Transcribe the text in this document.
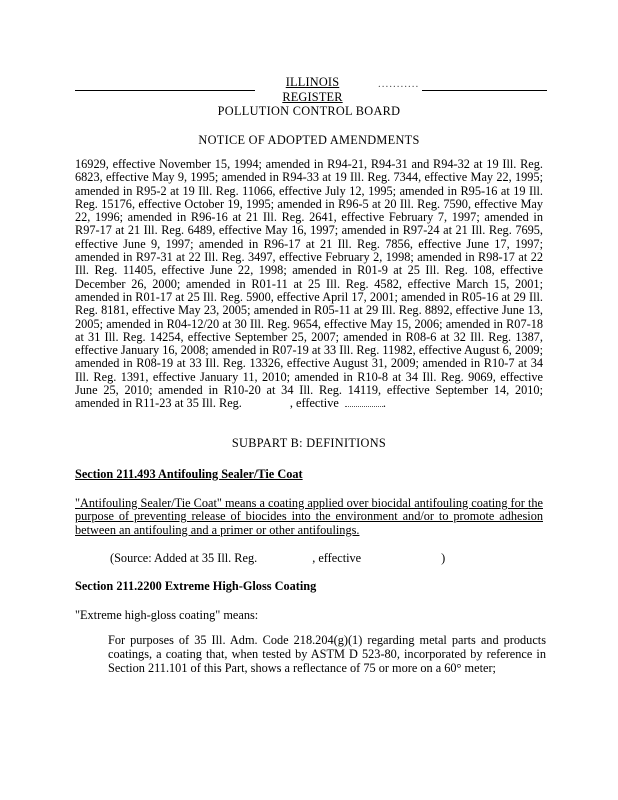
ILLINOIS REGISTER
...........
POLLUTION CONTROL BOARD
NOTICE OF ADOPTED AMENDMENTS
16929, effective November 15, 1994; amended in R94-21, R94-31 and R94-32 at 19 Ill. Reg. 6823, effective May 9, 1995; amended in R94-33 at 19 Ill. Reg. 7344, effective May 22, 1995; amended in R95-2 at 19 Ill. Reg. 11066, effective July 12, 1995; amended in R95-16 at 19 Ill. Reg. 15176, effective October 19, 1995; amended in R96-5 at 20 Ill. Reg. 7590, effective May 22, 1996; amended in R96-16 at 21 Ill. Reg. 2641, effective February 7, 1997; amended in R97-17 at 21 Ill. Reg. 6489, effective May 16, 1997; amended in R97-24 at 21 Ill. Reg. 7695, effective June 9, 1997; amended in R96-17 at 21 Ill. Reg. 7856, effective June 17, 1997; amended in R97-31 at 22 Ill. Reg. 3497, effective February 2, 1998; amended in R98-17 at 22 Ill. Reg. 11405, effective June 22, 1998; amended in R01-9 at 25 Ill. Reg. 108, effective December 26, 2000; amended in R01-11 at 25 Ill. Reg. 4582, effective March 15, 2001; amended in R01-17 at 25 Ill. Reg. 5900, effective April 17, 2001; amended in R05-16 at 29 Ill. Reg. 8181, effective May 23, 2005; amended in R05-11 at 29 Ill. Reg. 8892, effective June 13, 2005; amended in R04-12/20 at 30 Ill. Reg. 9654, effective May 15, 2006; amended in R07-18 at 31 Ill. Reg. 14254, effective September 25, 2007; amended in R08-6 at 32 Ill. Reg. 1387, effective January 16, 2008; amended in R07-19 at 33 Ill. Reg. 11982, effective August 6, 2009; amended in R08-19 at 33 Ill. Reg. 13326, effective August 31, 2009; amended in R10-7 at 34 Ill. Reg. 1391, effective January 11, 2010; amended in R10-8 at 34 Ill. Reg. 9069, effective June 25, 2010; amended in R10-20 at 34 Ill. Reg. 14119, effective September 14, 2010; amended in R11-23 at 35 Ill. Reg.	, effective	.
SUBPART B: DEFINITIONS
Section 211.493 Antifouling Sealer/Tie Coat
"Antifouling Sealer/Tie Coat" means a coating applied over biocidal antifouling coating for the purpose of preventing release of biocides into the environment and/or to promote adhesion between an antifouling and a primer or other antifoulings.
(Source: Added at 35 Ill. Reg.	, effective	)
Section 211.2200 Extreme High-Gloss Coating
"Extreme high-gloss coating" means:
For purposes of 35 Ill. Adm. Code 218.204(g)(1) regarding metal parts and products coatings, a coating that, when tested by ASTM D 523-80, incorporated by reference in Section 211.101 of this Part, shows a reflectance of 75 or more on a 60° meter;
